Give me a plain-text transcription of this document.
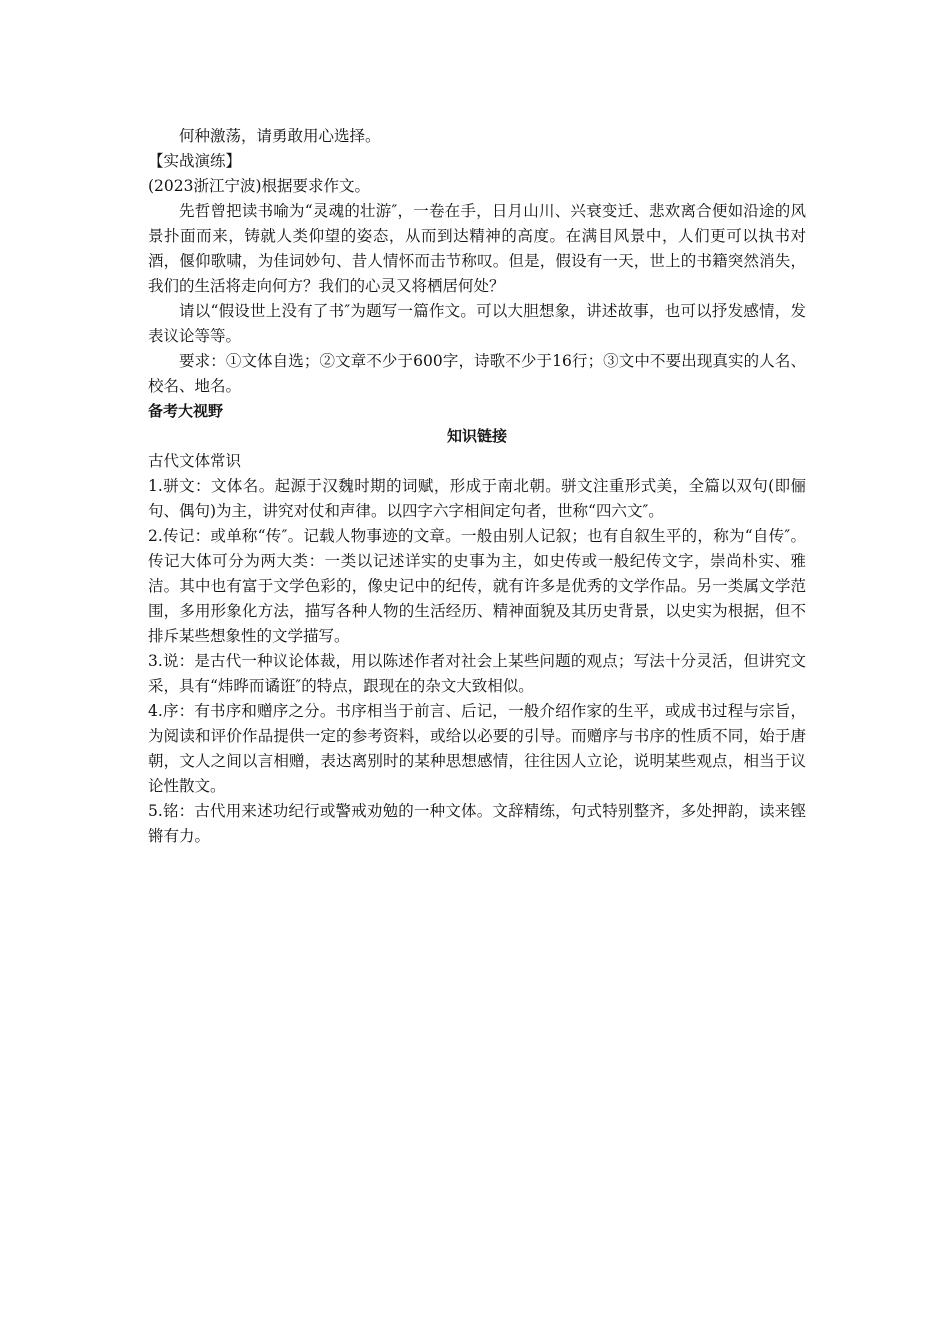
何种激荡，请勇敢用心选择。

【实战演练】

(2023浙江宁波)根据要求作文。

先哲曾把读书喻为“灵魂的壮游″，一卷在手，日月山川、兴衰变迁、悲欢离合便如沿途的风景扑面而来，铸就人类仰望的姿态，从而到达精神的高度。在满目风景中，人们更可以执书对酒，偃仰歌啸，为佳词妙句、昔人情怀而击节称叹。但是，假设有一天，世上的书籍突然消失，我们的生活将走向何方？我们的心灵又将栖居何处？

请以“假设世上没有了书″为题写一篇作文。可以大胆想象，讲述故事，也可以抒发感情，发表议论等等。

要求：①文体自选；②文章不少于600字，诗歌不少于16行；③文中不要出现真实的人名、校名、地名。

备考大视野

知识链接

古代文体常识

1.骈文：文体名。起源于汉魏时期的词赋，形成于南北朝。骈文注重形式美，全篇以双句(即俪句、偶句)为主，讲究对仗和声律。以四字六字相间定句者，世称“四六文″。

2.传记：或单称“传″。记载人物事迹的文章。一般由别人记叙；也有自叙生平的，称为“自传″。传记大体可分为两大类：一类以记述详实的史事为主，如史传或一般纪传文字，崇尚朴实、雅洁。其中也有富于文学色彩的，像史记中的纪传，就有许多是优秀的文学作品。另一类属文学范围，多用形象化方法，描写各种人物的生活经历、精神面貌及其历史背景，以史实为根据，但不排斥某些想象性的文学描写。

3.说：是古代一种议论体裁，用以陈述作者对社会上某些问题的观点；写法十分灵活，但讲究文采，具有“炜晔而谲诳″的特点，跟现在的杂文大致相似。

4.序：有书序和赠序之分。书序相当于前言、后记，一般介绍作家的生平，或成书过程与宗旨，为阅读和评价作品提供一定的参考资料，或给以必要的引导。而赠序与书序的性质不同，始于唐朝，文人之间以言相赠，表达离别时的某种思想感情，往往因人立论，说明某些观点，相当于议论性散文。

5.铭：古代用来述功纪行或警戒劝勉的一种文体。文辞精练，句式特别整齐，多处押韵，读来铿锵有力。
